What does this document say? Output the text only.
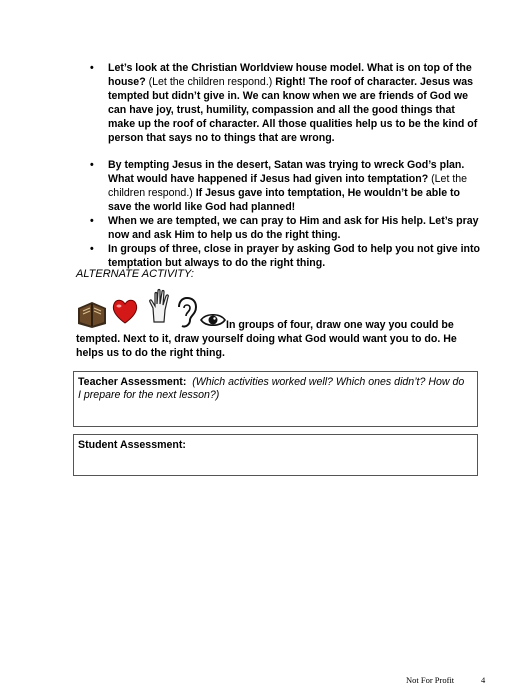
• Let’s look at the Christian Worldview house model. What is on top of the house? (Let the children respond.) Right! The roof of character. Jesus was tempted but didn’t give in. We can know when we are friends of God we can have joy, trust, humility, compassion and all the good things that make up the roof of character. All those qualities help us to be the kind of person that says no to things that are wrong.
• By tempting Jesus in the desert, Satan was trying to wreck God’s plan. What would have happened if Jesus had given into temptation? (Let the children respond.) If Jesus gave into temptation, He wouldn’t be able to save the world like God had planned!
• When we are tempted, we can pray to Him and ask for His help. Let’s pray now and ask Him to help us do the right thing.
• In groups of three, close in prayer by asking God to help you not give into temptation but always to do the right thing.
ALTERNATE ACTIVITY:
In groups of four, draw one way you could be tempted. Next to it, draw yourself doing what God would want you to do. He helps us to do the right thing.
Teacher Assessment: (Which activities worked well? Which ones didn’t? How do I prepare for the next lesson?)
Student Assessment:
Not For Profit	4
